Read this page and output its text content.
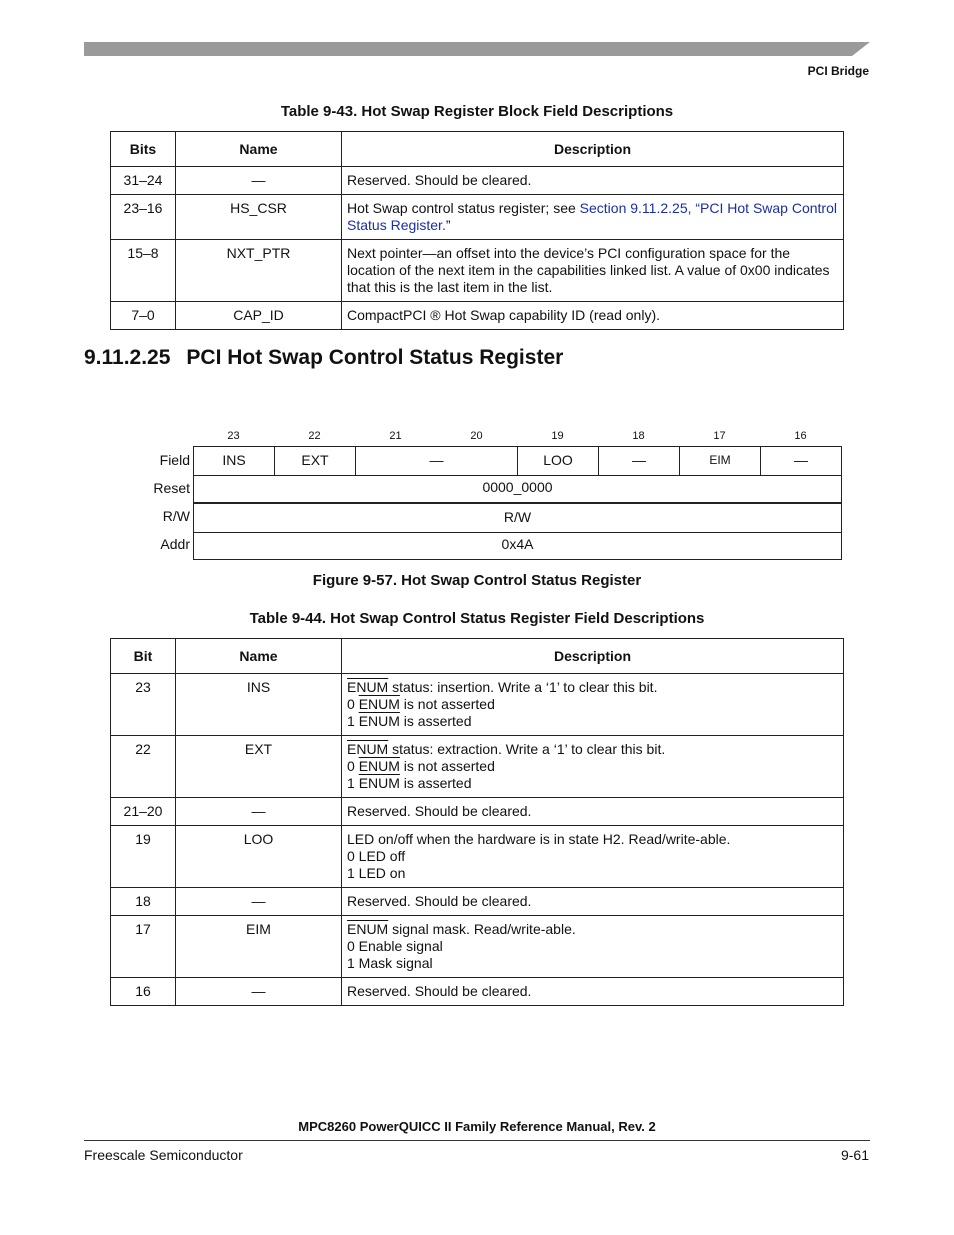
PCI Bridge
Table 9-43. Hot Swap Register Block Field Descriptions
Bits	Name	Description
31–24	—	Reserved. Should be cleared.
23–16	HS_CSR	Hot Swap control status register; see Section 9.11.2.25, “PCI Hot Swap Control Status Register.”
15–8	NXT_PTR	Next pointer—an offset into the device’s PCI configuration space for the location of the next item in the capabilities linked list. A value of 0x00 indicates that this is the last item in the list.
7–0	CAP_ID	CompactPCI ® Hot Swap capability ID (read only).
9.11.2.25 PCI Hot Swap Control Status Register
23	22	21	20	19	18	17	16
Field	INS	EXT	—	LOO	—	EIM	—
Reset	0000_0000
R/W	R/W
Addr	0x4A
Figure 9-57. Hot Swap Control Status Register
Table 9-44. Hot Swap Control Status Register Field Descriptions
Bit	Name	Description
23	INS	ENUM status: insertion. Write a ‘1’ to clear this bit.
0 ENUM is not asserted
1 ENUM is asserted

22	EXT	ENUM status: extraction. Write a ‘1’ to clear this bit.
0 ENUM is not asserted
1 ENUM is asserted

21–20	—	Reserved. Should be cleared.
19	LOO	LED on/off when the hardware is in state H2. Read/write-able.
0 LED off
1 LED on

18	—	Reserved. Should be cleared.
17	EIM	ENUM signal mask. Read/write-able.
0 Enable signal
1 Mask signal

16	—	Reserved. Should be cleared.
MPC8260 PowerQUICC II Family Reference Manual, Rev. 2
Freescale Semiconductor	9-61
